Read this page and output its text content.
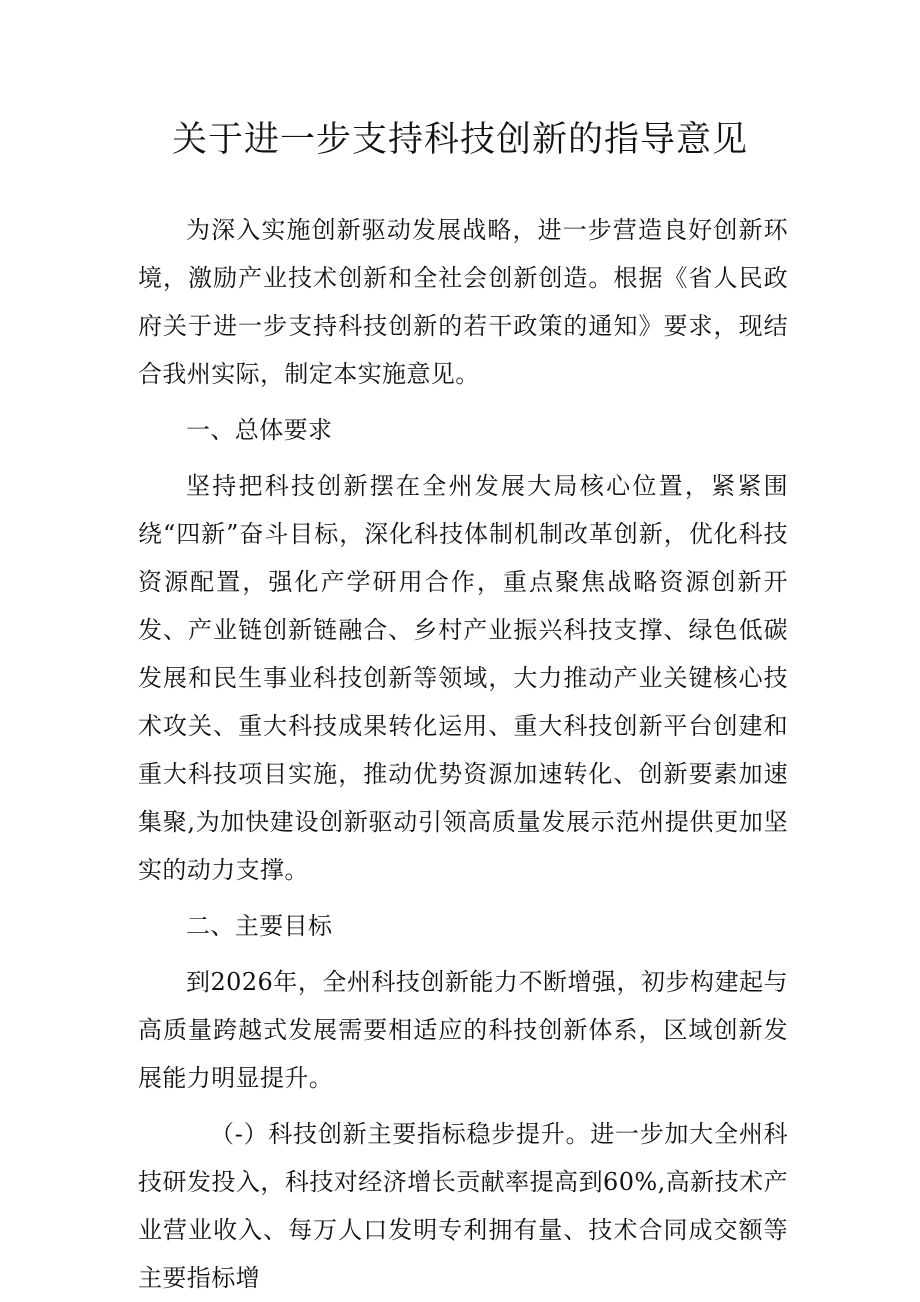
关于进一步支持科技创新的指导意见

为深入实施创新驱动发展战略，进一步营造良好创新环境，激励产业技术创新和全社会创新创造。根据《省人民政府关于进一步支持科技创新的若干政策的通知》要求，现结合我州实际，制定本实施意见。

一、总体要求

坚持把科技创新摆在全州发展大局核心位置，紧紧围绕“四新”奋斗目标，深化科技体制机制改革创新，优化科技资源配置，强化产学研用合作，重点聚焦战略资源创新开发、产业链创新链融合、乡村产业振兴科技支撑、绿色低碳发展和民生事业科技创新等领域，大力推动产业关键核心技术攻关、重大科技成果转化运用、重大科技创新平台创建和重大科技项目实施，推动优势资源加速转化、创新要素加速集聚,为加快建设创新驱动引领高质量发展示范州提供更加坚实的动力支撑。

二、主要目标

到2026年，全州科技创新能力不断增强，初步构建起与高质量跨越式发展需要相适应的科技创新体系，区域创新发展能力明显提升。

（-）科技创新主要指标稳步提升。进一步加大全州科技研发投入，科技对经济增长贡献率提高到60%,高新技术产业营业收入、每万人口发明专利拥有量、技术合同成交额等主要指标增
